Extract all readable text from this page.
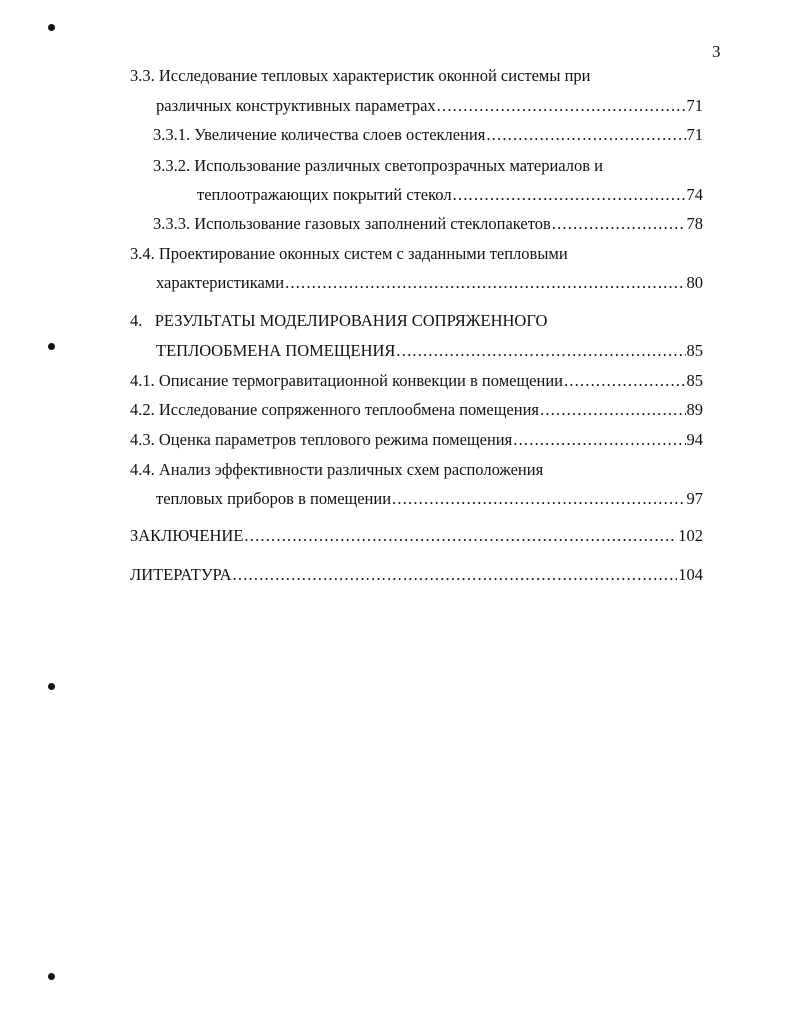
3
3.3. Исследование тепловых характеристик оконной системы при
различных конструктивных параметрах .....	71
3.3.1. Увеличение количества слоев остекления .....	71
3.3.2. Использование различных светопрозрачных материалов и
теплоотражающих покрытий стекол .....	74
3.3.3. Использование газовых заполнений стеклопакетов .....	78
3.4. Проектирование оконных систем с заданными тепловыми
характеристиками .....	80
4.   РЕЗУЛЬТАТЫ МОДЕЛИРОВАНИЯ СОПРЯЖЕННОГО
ТЕПЛООБМЕНА ПОМЕЩЕНИЯ .....	85
4.1. Описание термогравитационной конвекции в помещении .....	85
4.2. Исследование сопряженного теплообмена помещения .....	89
4.3. Оценка параметров теплового режима помещения .....	94
4.4. Анализ эффективности различных схем расположения
тепловых приборов в помещении .....	97
ЗАКЛЮЧЕНИЕ .....	102
ЛИТЕРАТУРА .....	104
